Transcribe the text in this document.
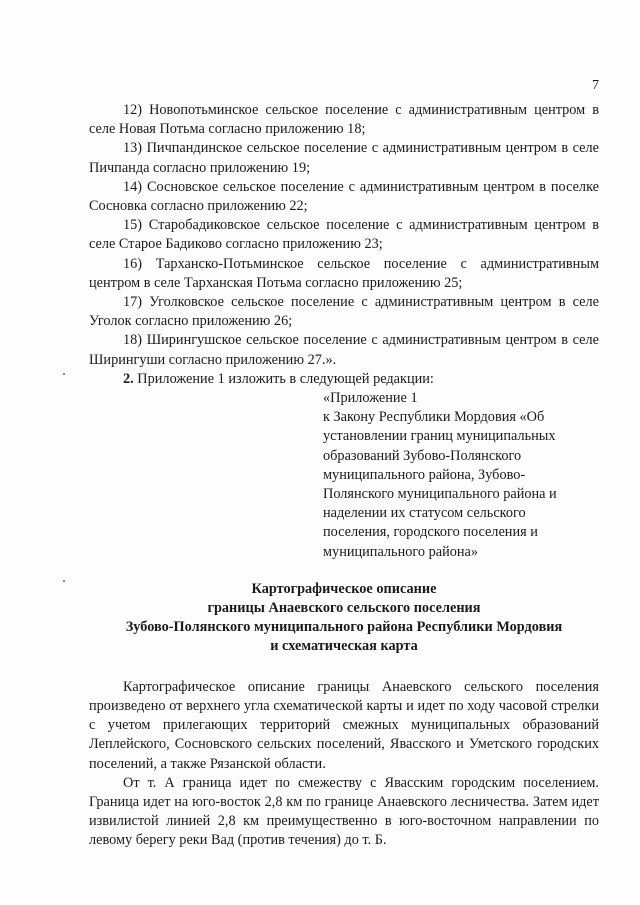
7

12) Новопотьминское сельское поселение с административным центром в селе Новая Потьма согласно приложению 18;

13) Пичпандинское сельское поселение с административным центром в селе Пичпанда согласно приложению 19;

14) Сосновское сельское поселение с административным центром в поселке Сосновка согласно приложению 22;

15) Старобадиковское сельское поселение с административным центром в селе Старое Бадиково согласно приложению 23;

16) Тарханско-Потьминское сельское поселение с административным центром в селе Тарханская Потьма согласно приложению 25;

17) Уголковское сельское поселение с административным центром в селе Уголок согласно приложению 26;

18) Ширингушское сельское поселение с административным центром в селе Ширингуши согласно приложению 27.».

2. Приложение 1 изложить в следующей редакции:

«Приложение 1
к Закону Республики Мордовия «Об
установлении границ муниципальных
образований Зубово-Полянского
муниципального района, Зубово-
Полянского муниципального района и
наделении их статусом сельского
поселения, городского поселения и
муниципального района»
Картографическое описание
границы Анаевского сельского поселения
Зубово-Полянского муниципального района Республики Мордовия
и схематическая карта

Картографическое описание границы Анаевского сельского поселения произведено от верхнего угла схематической карты и идет по ходу часовой стрелки с учетом прилегающих территорий смежных муниципальных образований Леплейского, Сосновского сельских поселений, Явасского и Уметского городских поселений, а также Рязанской области.

От т. А граница идет по смежеству с Явасским городским поселением. Граница идет на юго-восток 2,8 км по границе Анаевского лесничества. Затем идет извилистой линией 2,8 км преимущественно в юго-восточном направлении по левому берегу реки Вад (против течения) до т. Б.
